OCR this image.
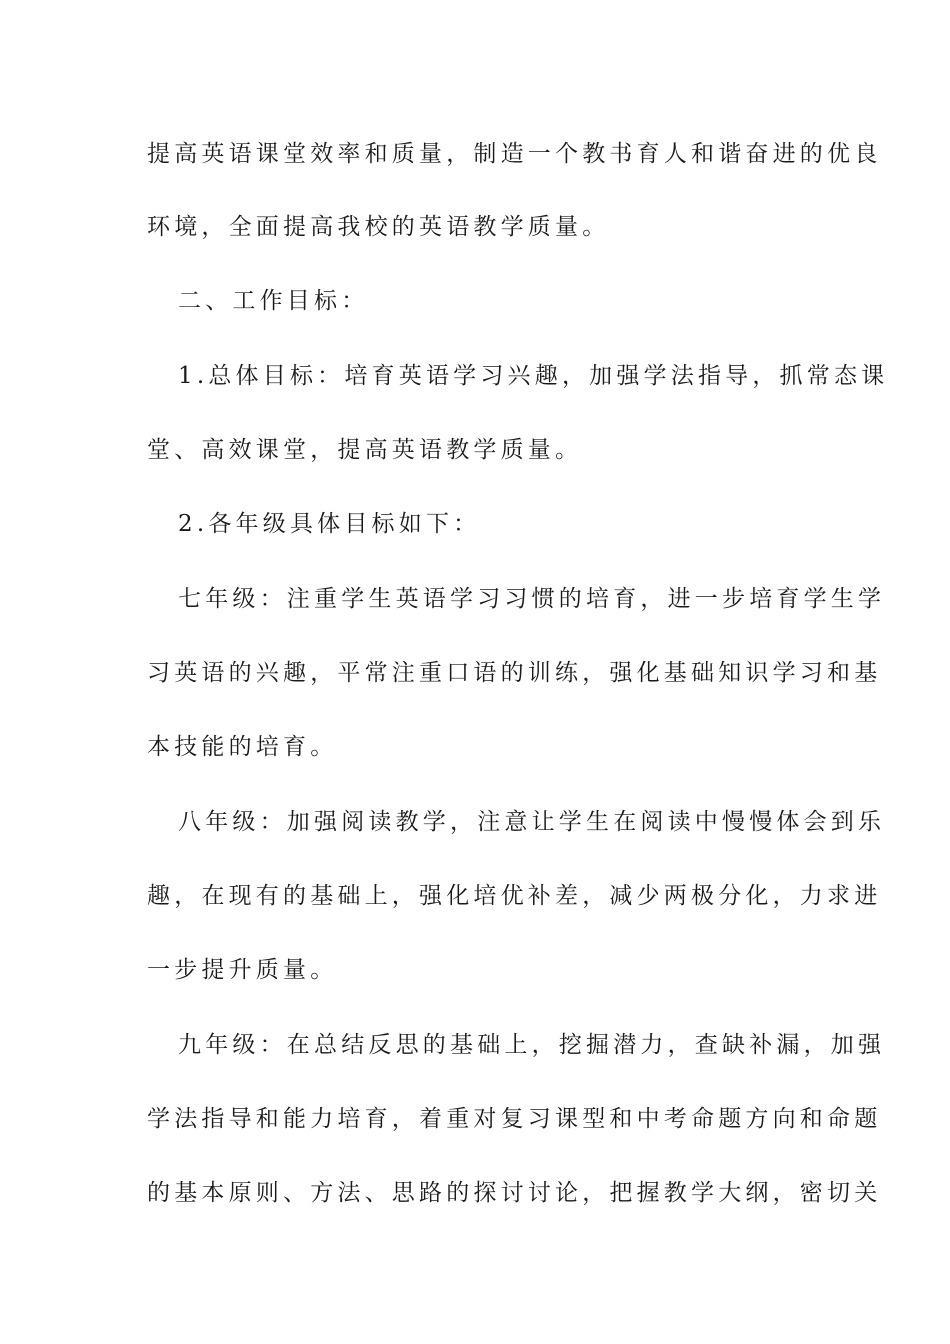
提高英语课堂效率和质量，制造一个教书育人和谐奋进的优良
环境，全面提高我校的英语教学质量。
二、工作目标：
1.总体目标：培育英语学习兴趣，加强学法指导，抓常态课
堂、高效课堂，提高英语教学质量。
2.各年级具体目标如下：
七年级：注重学生英语学习习惯的培育，进一步培育学生学
习英语的兴趣，平常注重口语的训练，强化基础知识学习和基
本技能的培育。
八年级：加强阅读教学，注意让学生在阅读中慢慢体会到乐
趣，在现有的基础上，强化培优补差，减少两极分化，力求进
一步提升质量。
九年级：在总结反思的基础上，挖掘潜力，查缺补漏，加强
学法指导和能力培育，着重对复习课型和中考命题方向和命题
的基本原则、方法、思路的探讨讨论，把握教学大纲，密切关
